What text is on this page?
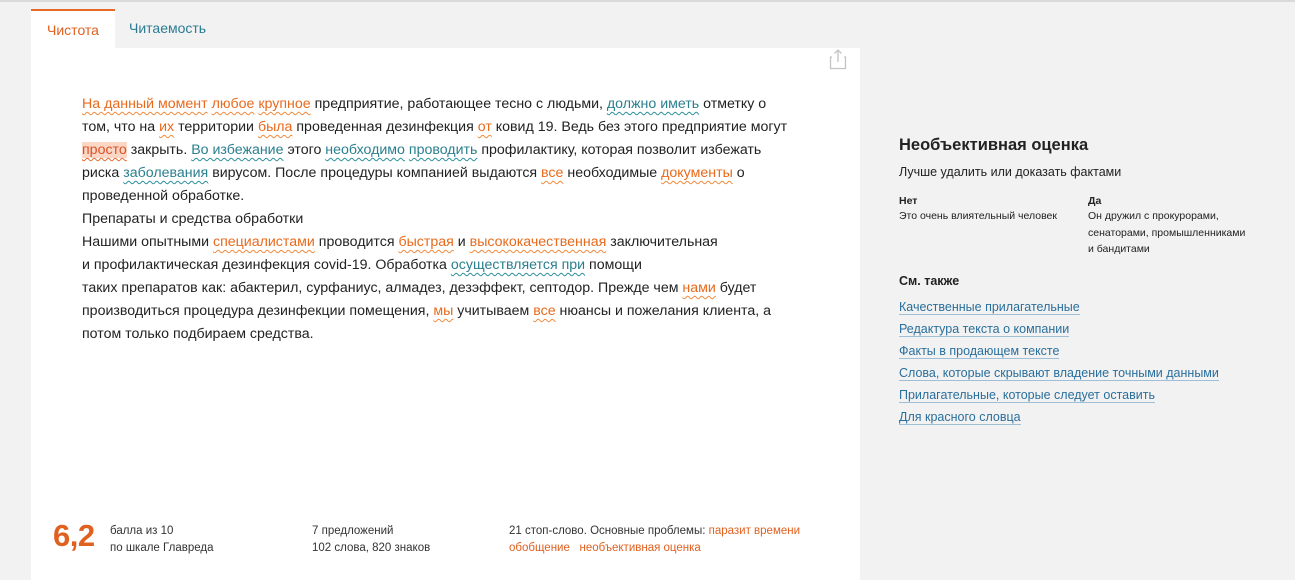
Чистота	Читаемость
На данный момент любое крупное предприятие, работающее тесно с людьми, должно иметь отметку о
том, что на их территории была проведенная дезинфекция от ковид 19. Ведь без этого предприятие могут
просто закрыть. Во избежание этого необходимо проводить профилактику, которая позволит избежать
риска заболевания вирусом. После процедуры компанией выдаются все необходимые документы о
проведенной обработке.
Препараты и средства обработки
Нашими опытными специалистами проводится быстрая и высококачественная заключительная
и профилактическая дезинфекция covid-19. Обработка осуществляется при помощи
таких препаратов как: абактерил, сурфаниус, алмадез, дезэффект, септодор. Прежде чем нами будет
производиться процедура дезинфекции помещения, мы учитываем все нюансы и пожелания клиента, а
потом только подбираем средства.
6,2 балла из 10
по шкале Главреда
7 предложений
102 слова, 820 знаков
21 стоп-слово. Основные проблемы: паразит времени
обобщение необъективная оценка
Необъективная оценка
Лучше удалить или доказать фактами
Нет
Это очень влиятельный человек
Да
Он дружил с прокурорами,
сенаторами, промышленниками
и бандитами
См. также
Качественные прилагательные
Редактура текста о компании
Факты в продающем тексте
Слова, которые скрывают владение точными данными
Прилагательные, которые следует оставить
Для красного словца
